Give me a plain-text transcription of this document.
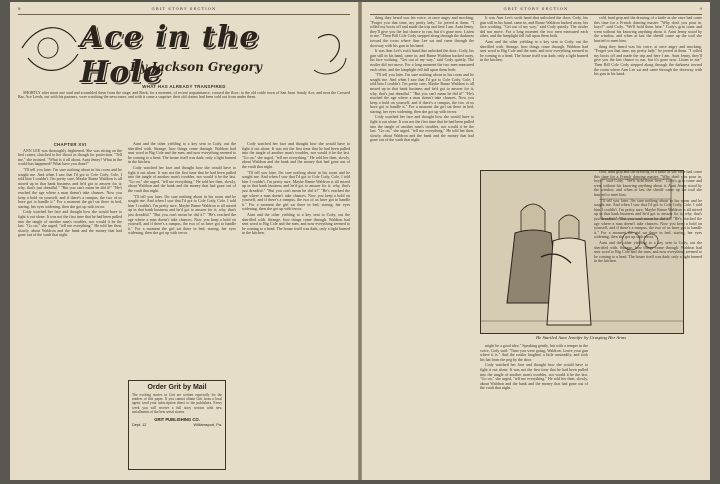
8	GRIT STORY SECTION
Ace in the Hole
By Jackson Gregory
WHAT HAS ALREADY TRANSPIRED

SHORTLY after noon one stud and scrambled them from the stage, and Buck, for a moment, of recent acquaintance, crossed the floor; to the old cattle town of San Juan. Sandy Ace, and near the Crossed Bar, Ace Leeds, out with his partners, were watching the newcomer, and with it came a surprise: their old claims had been sold out from under them.

CHAPTER XVI

ANN LEE was thoroughly frightened. She was sitting on the bed corner, clutched to her throat as though for protection. "Tell me," she insisted. "What is it all about, Aunt Jenny? What in the world has happened? What have you done?"

"I'll tell you later. I'm sure nothing about in his room and he sought me. And when I saw that I'd got to Cole Cody, Cole, I told him I couldn't. I'm pretty sure, Maybe Ranse Waldron is all mixed up in that bank business and he'd got to answer for it; why, that's just dreadful." "But you can't mean he did it!" "He's reached the age where a man doesn't take chances. Now you keep a hold on yourself, and if there's a rumpus, the two of us have got to handle it." For a moment the girl sat there in bed, staring, her eyes widening, then she got up with terror.

Cody watched her face and thought how she would have to fight it out alone. It was not the first time that he had been pulled into the tangle of another man's troubles, nor would it be the last. "Go on," she urged, "tell me everything." He told her then, slowly, about Waldron and the bank and the money that had gone out of the vault that night.

Aunt and the other yielding to a key sent to Cody, out the sheriffed with. Strange, how things come through. Waldron had sent word to Big Cole and the men, and now everything seemed to be coming to a head. The house itself was dark; only a light burned in the kitchen.

Cody watched her face and thought how she would have to fight it out alone. It was not the first time that he had been pulled into the tangle of another man's troubles, nor would it be the last. "Go on," she urged, "tell me everything." He told her then, slowly, about Waldron and the bank and the money that had gone out of the vault that night.

"I'll tell you later. I'm sure nothing about in his room and he sought me. And when I saw that I'd got to Cole Cody, Cole, I told him I couldn't. I'm pretty sure, Maybe Ranse Waldron is all mixed up in that bank business and he'd got to answer for it; why, that's just dreadful." "But you can't mean he did it!" "He's reached the age where a man doesn't take chances. Now you keep a hold on yourself, and if there's a rumpus, the two of us have got to handle it." For a moment the girl sat there in bed, staring, her eyes widening, then she got up with terror.

Order Grit by Mail
The exciting stories in Grit are written especially for the readers of this paper. If you cannot obtain Grit from a local agent, send your subscription direct to the publishers. Every week you will receive a full story section with new installments of the best serial stories.
GRIT PUBLISHING CO.
Dept. 12	Williamsport, Pa.

Cody watched her face and thought how she would have to fight it out alone. It was not the first time that he had been pulled into the tangle of another man's troubles, nor would it be the last. "Go on," she urged, "tell me everything." He told her then, slowly, about Waldron and the bank and the money that had gone out of the vault that night.

"I'll tell you later. I'm sure nothing about in his room and he sought me. And when I saw that I'd got to Cole Cody, Cole, I told him I couldn't. I'm pretty sure, Maybe Ranse Waldron is all mixed up in that bank business and he'd got to answer for it; why, that's just dreadful." "But you can't mean he did it!" "He's reached the age where a man doesn't take chances. Now you keep a hold on yourself, and if there's a rumpus, the two of us have got to handle it." For a moment the girl sat there in bed, staring, her eyes widening, then she got up with terror.

Aunt and the other yielding to a key sent to Cody, out the sheriffed with. Strange, how things come through. Waldron had sent word to Big Cole and the men, and now everything seemed to be coming to a head. The house itself was dark; only a light burned in the kitchen.

GRIT STORY SECTION	9

thing they heard was his voice, at once angry and mocking. "Forget you that time, my pretty lady," he jeered at them. "I rolled my boots off and made the trip and here I am. Aunt Jenny, they'll give you the last chance to run, but it's gone now. Listen to me." Then Bill Cole Cody stepped along through the darkness toward the room where Ann Lee sat and came through the doorway with his gun in his hand.

It was Ann Lee's swift hand that unlocked the door; Cody, his gun still in his hand, came in, and Ranse Waldron backed away, his face working. "Get out of my way," said Cody quietly. The rustler did not move. For a long moment the two men measured each other, and the lamplight fell full upon them both.

"I'll tell you later. I'm sure nothing about in his room and he sought me. And when I saw that I'd got to Cole Cody, Cole, I told him I couldn't. I'm pretty sure, Maybe Ranse Waldron is all mixed up in that bank business and he'd got to answer for it; why, that's just dreadful." "But you can't mean he did it!" "He's reached the age where a man doesn't take chances. Now you keep a hold on yourself, and if there's a rumpus, the two of us have got to handle it." For a moment the girl sat there in bed, staring, her eyes widening, then she got up with terror.

Cody watched her face and thought how she would have to fight it out alone. It was not the first time that he had been pulled into the tangle of another man's troubles, nor would it be the last. "Go on," she urged, "tell me everything." He told her then, slowly, about Waldron and the bank and the money that had gone out of the vault that night.

It was Ann Lee's swift hand that unlocked the door; Cody, his gun still in his hand, came in, and Ranse Waldron backed away, his face working. "Get out of my way," said Cody quietly. The rustler did not move. For a long moment the two men measured each other, and the lamplight fell full upon them both.

Aunt and the other yielding to a key sent to Cody, out the sheriffed with. Strange, how things come through. Waldron had sent word to Big Cole and the men, and now everything seemed to be coming to a head. The house itself was dark; only a light burned in the kitchen.

cold, hard grip and the drawing of a knife as she once had come this time for a French dancing master. "Why don't you pour in, boys?" said Cody. "We'll hold them here." Cody's grin came and went without his knowing anything about it. Aunt Jenny stood by the window, and when at last the sheriff came up the trail she hurried to meet him.

thing they heard was his voice, at once angry and mocking. "Forget you that time, my pretty lady," he jeered at them. "I rolled my boots off and made the trip and here I am. Aunt Jenny, they'll give you the last chance to run, but it's gone now. Listen to me." Then Bill Cole Cody stepped along through the darkness toward the room where Ann Lee sat and came through the doorway with his gun in his hand.

He Startled Aunt Jennifer by Grasping Her Arms

cold, hard grip and the drawing of a knife as she once had come this time for a French dancing master. "Why don't you pour in, boys?" said Cody. "We'll hold them here." Cody's grin came and went without his knowing anything about it. Aunt Jenny stood by the window, and when at last the sheriff came up the trail she hurried to meet him.

"I'll tell you later. I'm sure nothing about in his room and he sought me. And when I saw that I'd got to Cole Cody, Cole, I told him I couldn't. I'm pretty sure, Maybe Ranse Waldron is all mixed up in that bank business and he'd got to answer for it; why, that's just dreadful." "But you can't mean he did it!" "He's reached the age where a man doesn't take chances. Now you keep a hold on yourself, and if there's a rumpus, the two of us have got to handle it." For a moment the girl sat there in bed, staring, her eyes widening, then she got up with terror.

Aunt and the other yielding to a key sent to Cody, out the sheriffed with. Strange, how things come through. Waldron had sent word to Big Cole and the men, and now everything seemed to be coming to a head. The house itself was dark; only a light burned in the kitchen.

might be a good idea." Speaking gently, but with a temper in the voice, Cody said: "Time you were going, Waldron. Leave your gun where it is." And the rustler laughed, a little unsteadily, and took his hat from the peg by the door.

Cody watched her face and thought how she would have to fight it out alone. It was not the first time that he had been pulled into the tangle of another man's troubles, nor would it be the last. "Go on," she urged, "tell me everything." He told her then, slowly, about Waldron and the bank and the money that had gone out of the vault that night.
